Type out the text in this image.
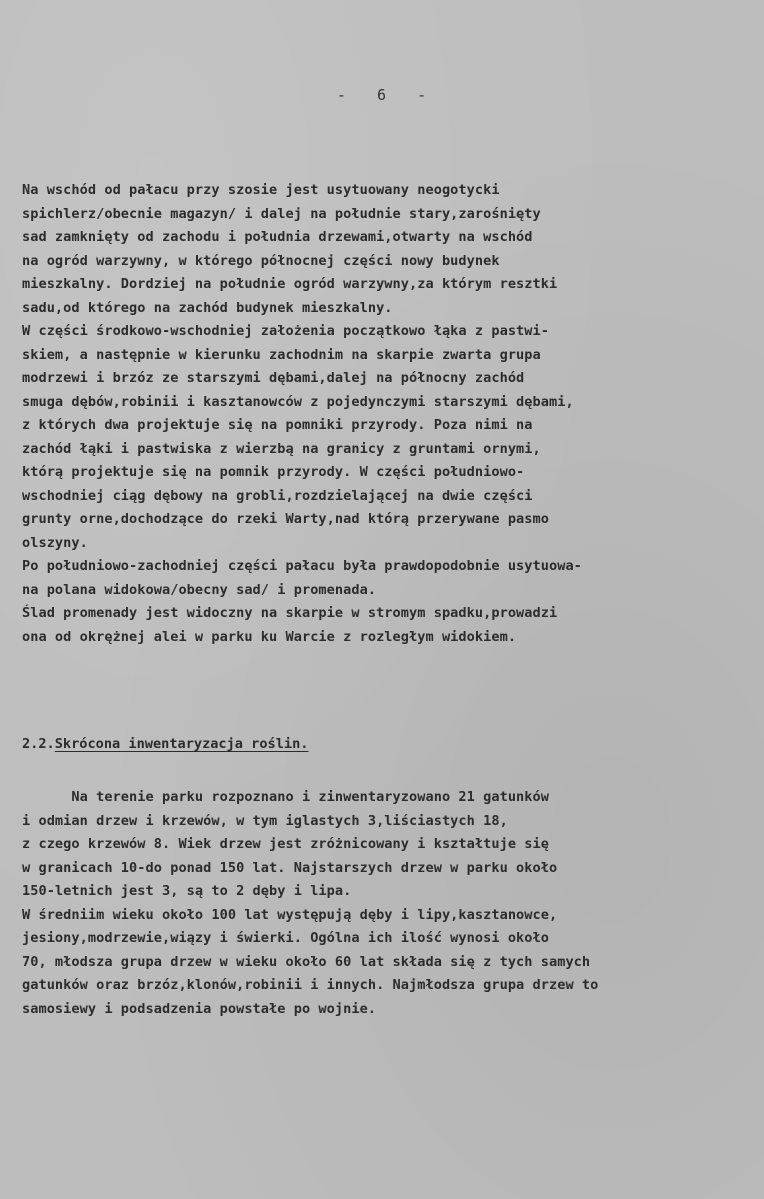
-   6   -
Na wschód od pałacu przy szosie jest usytuowany neogotycki
spichlerz/obecnie magazyn/ i dalej na południe stary,zarośnięty
sad zamknięty od zachodu i południa drzewami,otwarty na wschód
na ogród warzywny, w którego północnej części nowy budynek
mieszkalny. Dordziej na południe ogród warzywny,za którym resztki
sadu,od którego na zachód budynek mieszkalny.
W części środkowo-wschodniej założenia początkowo łąka z pastwi-
skiem, a następnie w kierunku zachodnim na skarpie zwarta grupa
modrzewi i brzóz ze starszymi dębami,dalej na północny zachód
smuga dębów,robinii i kasztanowców z pojedynczymi starszymi dębami,
z których dwa projektuje się na pomniki przyrody. Poza nimi na
zachód łąki i pastwiska z wierzbą na granicy z gruntami ornymi,
którą projektuje się na pomnik przyrody. W części południowo-
wschodniej ciąg dębowy na grobli,rozdzielającej na dwie części
grunty orne,dochodzące do rzeki Warty,nad którą przerywane pasmo
olszyny.
Po południowo-zachodniej części pałacu była prawdopodobnie usytuowa-
na polana widokowa/obecny sad/ i promenada.
Ślad promenady jest widoczny na skarpie w stromym spadku,prowadzi
ona od okrężnej alei w parku ku Warcie z rozległym widokiem.
2.2.Skrócona inwentaryzacja roślin.
Na terenie parku rozpoznano i zinwentaryzowano 21 gatunków
i odmian drzew i krzewów, w tym iglastych 3,liściastych 18,
z czego krzewów 8. Wiek drzew jest zróżnicowany i kształtuje się
w granicach 10-do ponad 150 lat. Najstarszych drzew w parku około
150-letnich jest 3, są to 2 dęby i lipa.
W średniim wieku około 100 lat występują dęby i lipy,kasztanowce,
jesiony,modrzewie,wiązy i świerki. Ogólna ich ilość wynosi około
70, młodsza grupa drzew w wieku około 60 lat składa się z tych samych
gatunków oraz brzóz,klonów,robinii i innych. Najmłodsza grupa drzew to
samosiewy i podsadzenia powstałe po wojnie.
